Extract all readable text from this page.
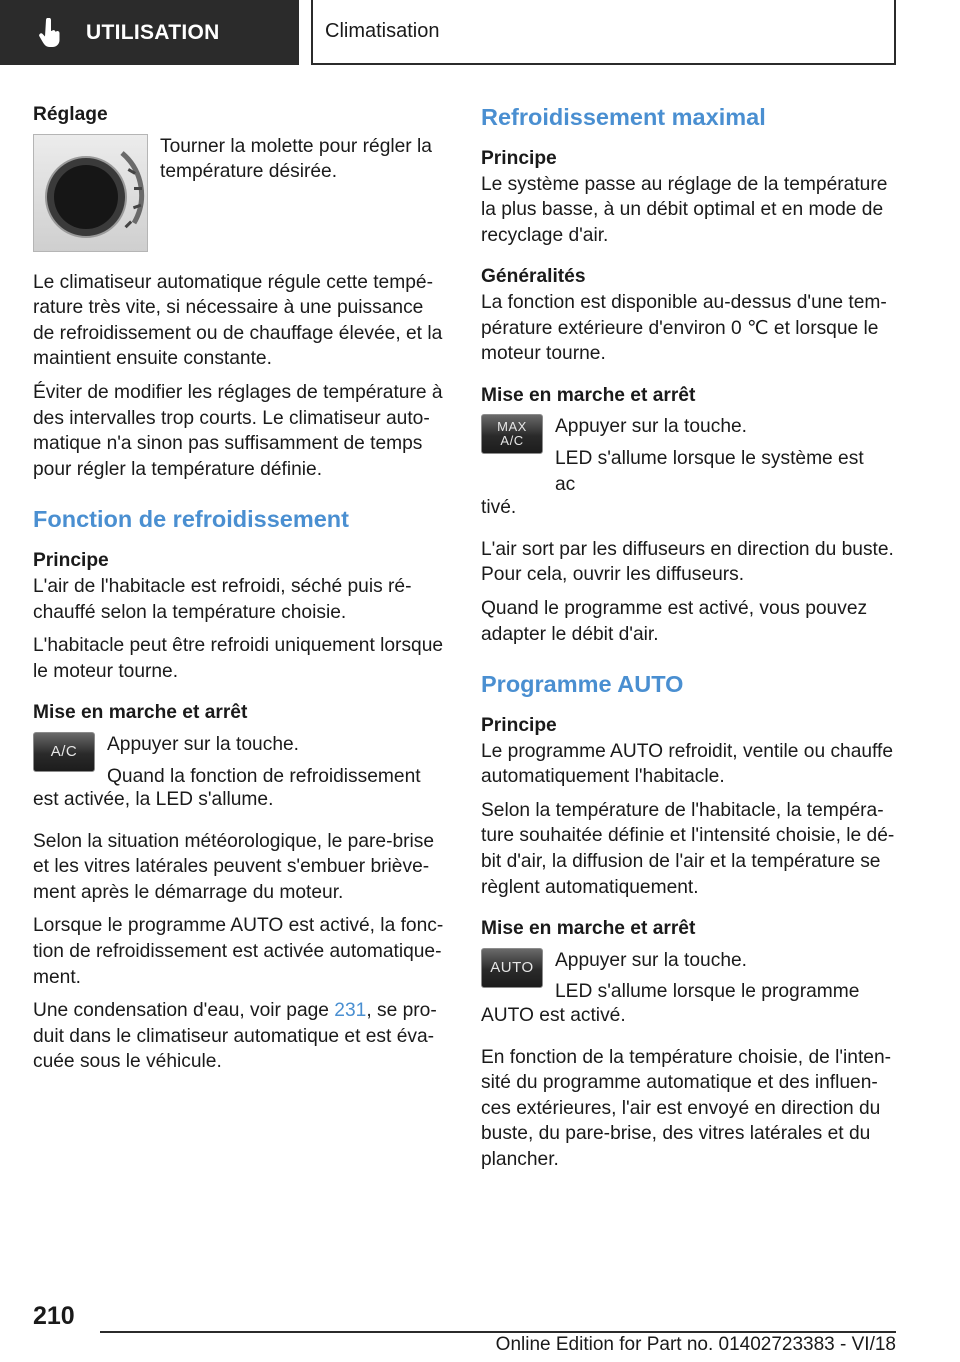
UTILISATION	Climatisation
Réglage

Tourner la molette pour régler la température désirée.

Le climatiseur automatique régule cette température très vite, si nécessaire à une puissance de refroidissement ou de chauffage élevée, et la maintient ensuite constante.

Éviter de modifier les réglages de température à des intervalles trop courts. Le climatiseur automatique n'a sinon pas suffisamment de temps pour régler la température définie.

Fonction de refroidissement
Principe

L'air de l'habitacle est refroidi, séché puis réchauffé selon la température choisie.

L'habitacle peut être refroidi uniquement lorsque le moteur tourne.

Mise en marche et arrêt
A/C	Appuyer sur la touche.

Quand la fonction de refroidissement

est activée, la LED s'allume.

Selon la situation météorologique, le pare-brise et les vitres latérales peuvent s'embuer brièvement après le démarrage du moteur.

Lorsque le programme AUTO est activé, la fonction de refroidissement est activée automatiquement.

Une condensation d'eau, voir page 231, se produit dans le climatiseur automatique et est évacuée sous le véhicule.

Refroidissement maximal
Principe

Le système passe au réglage de la température la plus basse, à un débit optimal et en mode de recyclage d'air.

Généralités

La fonction est disponible au-dessus d'une température extérieure d'environ 0 ℃ et lorsque le moteur tourne.

Mise en marche et arrêt
MAX
A/C

Appuyer sur la touche.

LED s'allume lorsque le système est ac

tivé.

L'air sort par les diffuseurs en direction du buste. Pour cela, ouvrir les diffuseurs.

Quand le programme est activé, vous pouvez adapter le débit d'air.

Programme AUTO
Principe

Le programme AUTO refroidit, ventile ou chauffe automatiquement l'habitacle.

Selon la température de l'habitacle, la température souhaitée définie et l'intensité choisie, le débit d'air, la diffusion de l'air et la température se règlent automatiquement.

Mise en marche et arrêt
AUTO	Appuyer sur la touche.

LED s'allume lorsque le programme

AUTO est activé.

En fonction de la température choisie, de l'intensité du programme automatique et des influences extérieures, l'air est envoyé en direction du buste, du pare-brise, des vitres latérales et du plancher.

210
Online Edition for Part no. 01402723383 - VI/18
